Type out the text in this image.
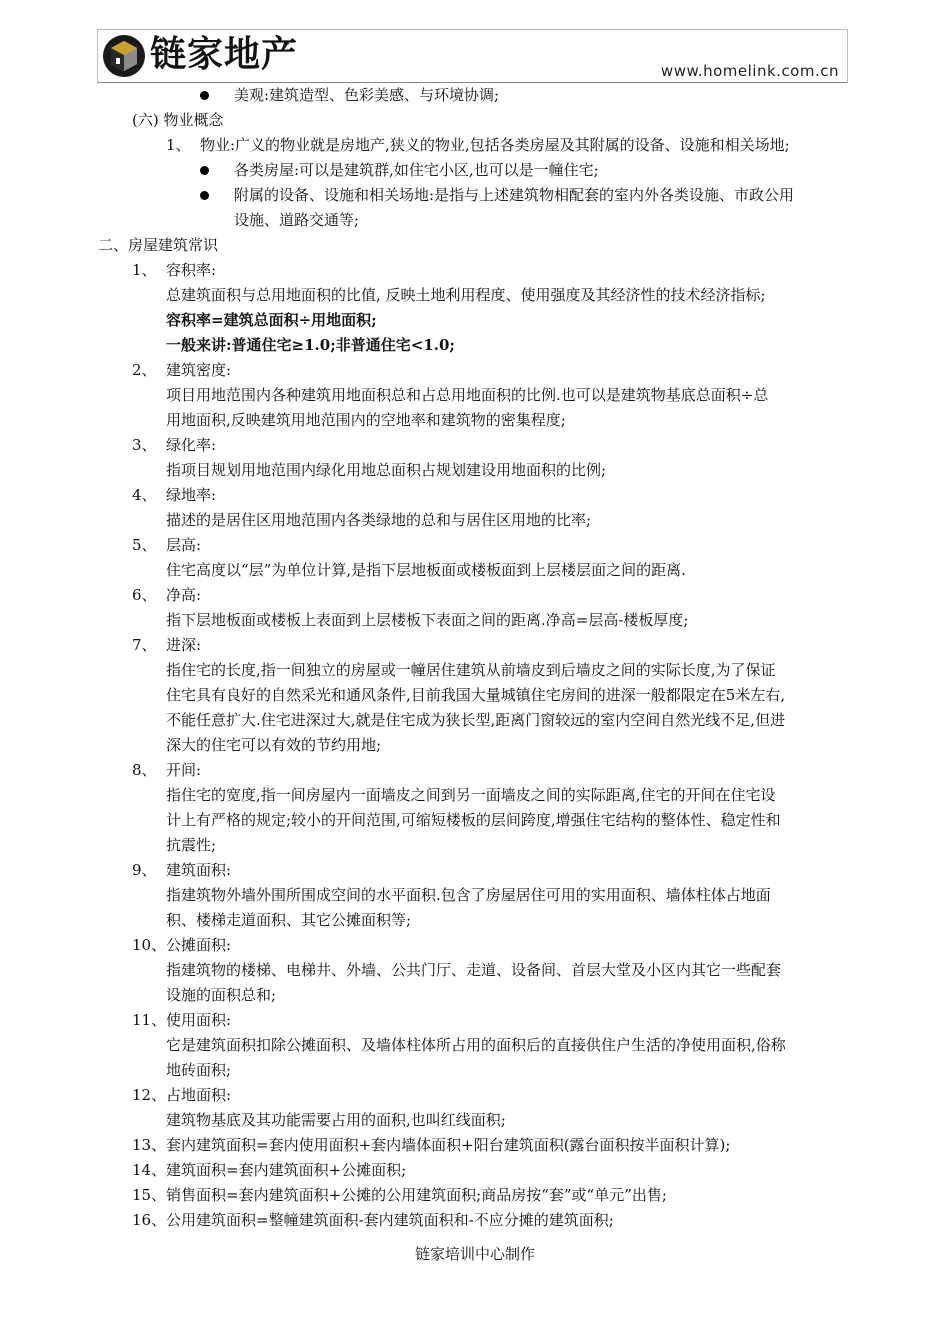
链家地产	www.homelink.com.cn
美观:建筑造型、色彩美感、与环境协调;
(六) 物业概念
1、 物业:广义的物业就是房地产,狭义的物业,包括各类房屋及其附属的设备、设施和相关场地;
各类房屋:可以是建筑群,如住宅小区,也可以是一幢住宅;
附属的设备、设施和相关场地:是指与上述建筑物相配套的室内外各类设施、市政公用
设施、道路交通等;
二、房屋建筑常识
1、 容积率:
总建筑面积与总用地面积的比值, 反映土地利用程度、使用强度及其经济性的技术经济指标;
容积率=建筑总面积÷用地面积;
一般来讲:普通住宅≥1.0;非普通住宅<1.0;
2、 建筑密度:
项目用地范围内各种建筑用地面积总和占总用地面积的比例.也可以是建筑物基底总面积÷总
用地面积,反映建筑用地范围内的空地率和建筑物的密集程度;
3、 绿化率:
指项目规划用地范围内绿化用地总面积占规划建设用地面积的比例;
4、 绿地率:
描述的是居住区用地范围内各类绿地的总和与居住区用地的比率;
5、 层高:
住宅高度以“层”为单位计算,是指下层地板面或楼板面到上层楼层面之间的距离.
6、 净高:
指下层地板面或楼板上表面到上层楼板下表面之间的距离.净高=层高-楼板厚度;
7、 进深:
指住宅的长度,指一间独立的房屋或一幢居住建筑从前墙皮到后墙皮之间的实际长度,为了保证
住宅具有良好的自然采光和通风条件,目前我国大量城镇住宅房间的进深一般都限定在5米左右,
不能任意扩大.住宅进深过大,就是住宅成为狭长型,距离门窗较远的室内空间自然光线不足,但进
深大的住宅可以有效的节约用地;
8、 开间:
指住宅的宽度,指一间房屋内一面墙皮之间到另一面墙皮之间的实际距离,住宅的开间在住宅设
计上有严格的规定;较小的开间范围,可缩短楼板的层间跨度,增强住宅结构的整体性、稳定性和
抗震性;
9、 建筑面积:
指建筑物外墙外围所围成空间的水平面积.包含了房屋居住可用的实用面积、墙体柱体占地面
积、楼梯走道面积、其它公摊面积等;
10、 公摊面积:
指建筑物的楼梯、电梯井、外墙、公共门厅、走道、设备间、首层大堂及小区内其它一些配套
设施的面积总和;
11、 使用面积:
它是建筑面积扣除公摊面积、及墙体柱体所占用的面积后的直接供住户生活的净使用面积,俗称
地砖面积;
12、 占地面积:
建筑物基底及其功能需要占用的面积,也叫红线面积;
13、 套内建筑面积=套内使用面积+套内墙体面积+阳台建筑面积(露台面积按半面积计算);
14、 建筑面积=套内建筑面积+公摊面积;
15、 销售面积=套内建筑面积+公摊的公用建筑面积;商品房按“套”或“单元”出售;
16、 公用建筑面积=整幢建筑面积-套内建筑面积和-不应分摊的建筑面积;
链家培训中心制作
